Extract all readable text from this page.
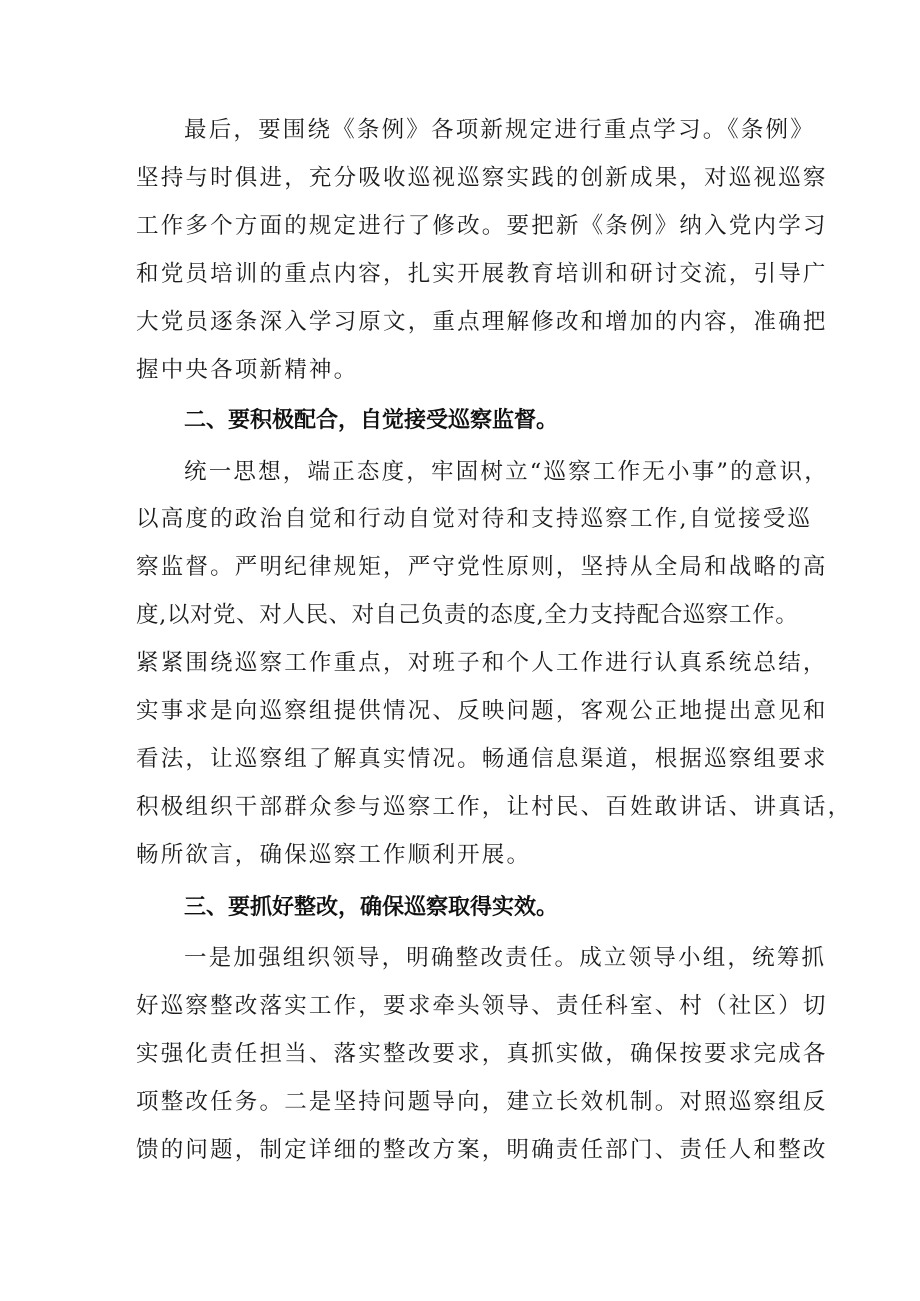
最后，要围绕《条例》各项新规定进行重点学习。《条例》
坚持与时俱进，充分吸收巡视巡察实践的创新成果，对巡视巡察
工作多个方面的规定进行了修改。要把新《条例》纳入党内学习
和党员培训的重点内容，扎实开展教育培训和研讨交流，引导广
大党员逐条深入学习原文，重点理解修改和增加的内容，准确把
握中央各项新精神。
二、要积极配合，自觉接受巡察监督。
统一思想，端正态度，牢固树立“巡察工作无小事”的意识，
以高度的政治自觉和行动自觉对待和支持巡察工作,自觉接受巡
察监督。严明纪律规矩，严守党性原则，坚持从全局和战略的高
度,以对党、对人民、对自己负责的态度,全力支持配合巡察工作。
紧紧围绕巡察工作重点，对班子和个人工作进行认真系统总结，
实事求是向巡察组提供情况、反映问题，客观公正地提出意见和
看法，让巡察组了解真实情况。畅通信息渠道，根据巡察组要求
积极组织干部群众参与巡察工作，让村民、百姓敢讲话、讲真话，
畅所欲言，确保巡察工作顺利开展。
三、要抓好整改，确保巡察取得实效。
一是加强组织领导，明确整改责任。成立领导小组，统筹抓
好巡察整改落实工作，要求牵头领导、责任科室、村（社区）切
实强化责任担当、落实整改要求，真抓实做，确保按要求完成各
项整改任务。二是坚持问题导向，建立长效机制。对照巡察组反
馈的问题，制定详细的整改方案，明确责任部门、责任人和整改
